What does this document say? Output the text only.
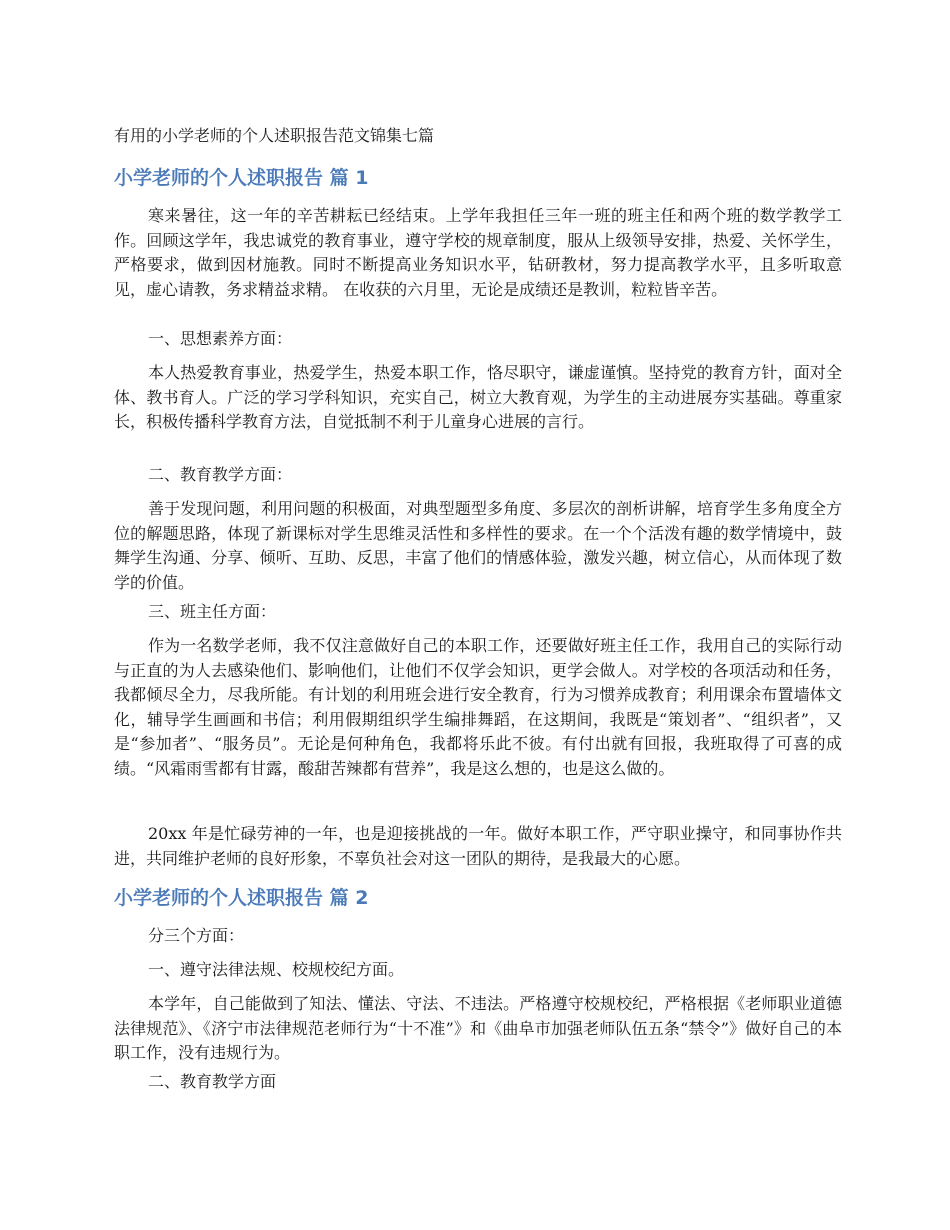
有用的小学老师的个人述职报告范文锦集七篇
小学老师的个人述职报告 篇 1
寒来暑往，这一年的辛苦耕耘已经结束。上学年我担任三年一班的班主任和两个班的数学教学工作。回顾这学年，我忠诚党的教育事业，遵守学校的规章制度，服从上级领导安排，热爱、关怀学生，严格要求，做到因材施教。同时不断提高业务知识水平，钻研教材，努力提高教学水平，且多听取意见，虚心请教，务求精益求精。 在收获的六月里，无论是成绩还是教训，粒粒皆辛苦。
一、思想素养方面：
本人热爱教育事业，热爱学生，热爱本职工作，恪尽职守，谦虚谨慎。坚持党的教育方针，面对全体、教书育人。广泛的学习学科知识，充实自己，树立大教育观，为学生的主动进展夯实基础。尊重家长，积极传播科学教育方法，自觉抵制不利于儿童身心进展的言行。
二、教育教学方面：
善于发现问题，利用问题的积极面，对典型题型多角度、多层次的剖析讲解，培育学生多角度全方位的解题思路，体现了新课标对学生思维灵活性和多样性的要求。在一个个活泼有趣的数学情境中，鼓舞学生沟通、分享、倾听、互助、反思，丰富了他们的情感体验，激发兴趣，树立信心，从而体现了数学的价值。
三、班主任方面：
作为一名数学老师，我不仅注意做好自己的本职工作，还要做好班主任工作，我用自己的实际行动与正直的为人去感染他们、影响他们，让他们不仅学会知识，更学会做人。对学校的各项活动和任务，我都倾尽全力，尽我所能。有计划的利用班会进行安全教育，行为习惯养成教育；利用课余布置墙体文化，辅导学生画画和书信；利用假期组织学生编排舞蹈，在这期间，我既是“策划者”、“组织者”，又是“参加者”、“服务员”。无论是何种角色，我都将乐此不彼。有付出就有回报，我班取得了可喜的成绩。“风霜雨雪都有甘露，酸甜苦辣都有营养”，我是这么想的，也是这么做的。
20xx 年是忙碌劳神的一年，也是迎接挑战的一年。做好本职工作，严守职业操守，和同事协作共进，共同维护老师的良好形象，不辜负社会对这一团队的期待，是我最大的心愿。
小学老师的个人述职报告 篇 2
分三个方面：
一、遵守法律法规、校规校纪方面。
本学年，自己能做到了知法、懂法、守法、不违法。严格遵守校规校纪，严格根据《老师职业道德法律规范》、《济宁市法律规范老师行为“十不准”》和《曲阜市加强老师队伍五条“禁令”》做好自己的本职工作，没有违规行为。
二、教育教学方面
